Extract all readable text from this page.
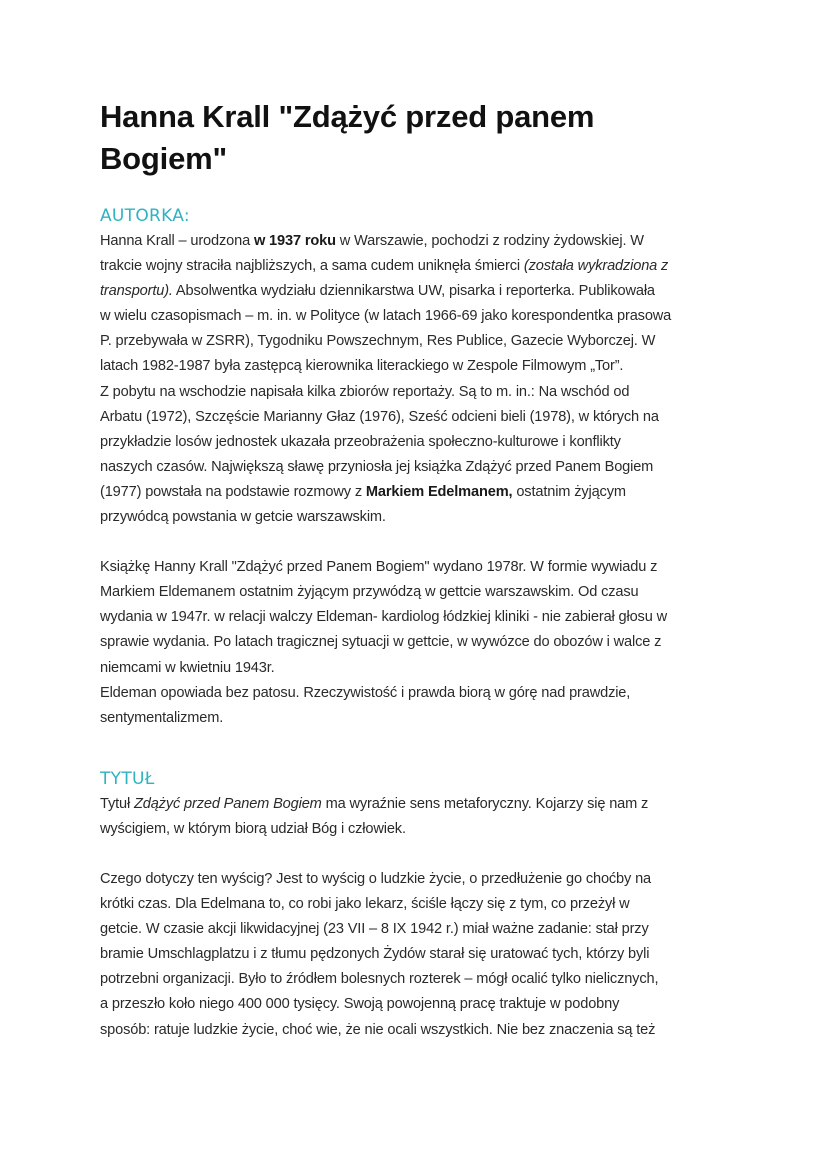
Hanna Krall "Zdążyć przed panem
Bogiem"
AUTORKA:

Hanna Krall – urodzona w 1937 roku w Warszawie, pochodzi z rodziny żydowskiej. W
trakcie wojny straciła najbliższych, a sama cudem uniknęła śmierci (została wykradziona z
transportu). Absolwentka wydziału dziennikarstwa UW, pisarka i reporterka. Publikowała
w wielu czasopismach – m. in. w Polityce (w latach 1966-69 jako korespondentka prasowa
P. przebywała w ZSRR), Tygodniku Powszechnym, Res Publice, Gazecie Wyborczej. W
latach 1982-1987 była zastępcą kierownika literackiego w Zespole Filmowym „Tor”.
Z pobytu na wschodzie napisała kilka zbiorów reportaży. Są to m. in.: Na wschód od
Arbatu (1972), Szczęście Marianny Głaz (1976), Sześć odcieni bieli (1978), w których na
przykładzie losów jednostek ukazała przeobrażenia społeczno-kulturowe i konflikty
naszych czasów. Największą sławę przyniosła jej książka Zdążyć przed Panem Bogiem
(1977) powstała na podstawie rozmowy z Markiem Edelmanem, ostatnim żyjącym
przywódcą powstania w getcie warszawskim.

Książkę Hanny Krall "Zdążyć przed Panem Bogiem" wydano 1978r. W formie wywiadu z
Markiem Eldemanem ostatnim żyjącym przywódzą w gettcie warszawskim. Od czasu
wydania w 1947r. w relacji walczy Eldeman- kardiolog łódzkiej kliniki - nie zabierał głosu w
sprawie wydania. Po latach tragicznej sytuacji w gettcie, w wywózce do obozów i walce z
niemcami w kwietniu 1943r.
Eldeman opowiada bez patosu. Rzeczywistość i prawda biorą w górę nad prawdzie,
sentymentalizmem.

TYTUŁ

Tytuł Zdążyć przed Panem Bogiem ma wyraźnie sens metaforyczny. Kojarzy się nam z
wyścigiem, w którym biorą udział Bóg i człowiek.

Czego dotyczy ten wyścig? Jest to wyścig o ludzkie życie, o przedłużenie go choćby na
krótki czas. Dla Edelmana to, co robi jako lekarz, ściśle łączy się z tym, co przeżył w
getcie. W czasie akcji likwidacyjnej (23 VII – 8 IX 1942 r.) miał ważne zadanie: stał przy
bramie Umschlagplatzu i z tłumu pędzonych Żydów starał się uratować tych, którzy byli
potrzebni organizacji. Było to źródłem bolesnych rozterek – mógł ocalić tylko nielicznych,
a przeszło koło niego 400 000 tysięcy. Swoją powojenną pracę traktuje w podobny
sposób: ratuje ludzkie życie, choć wie, że nie ocali wszystkich. Nie bez znaczenia są też
